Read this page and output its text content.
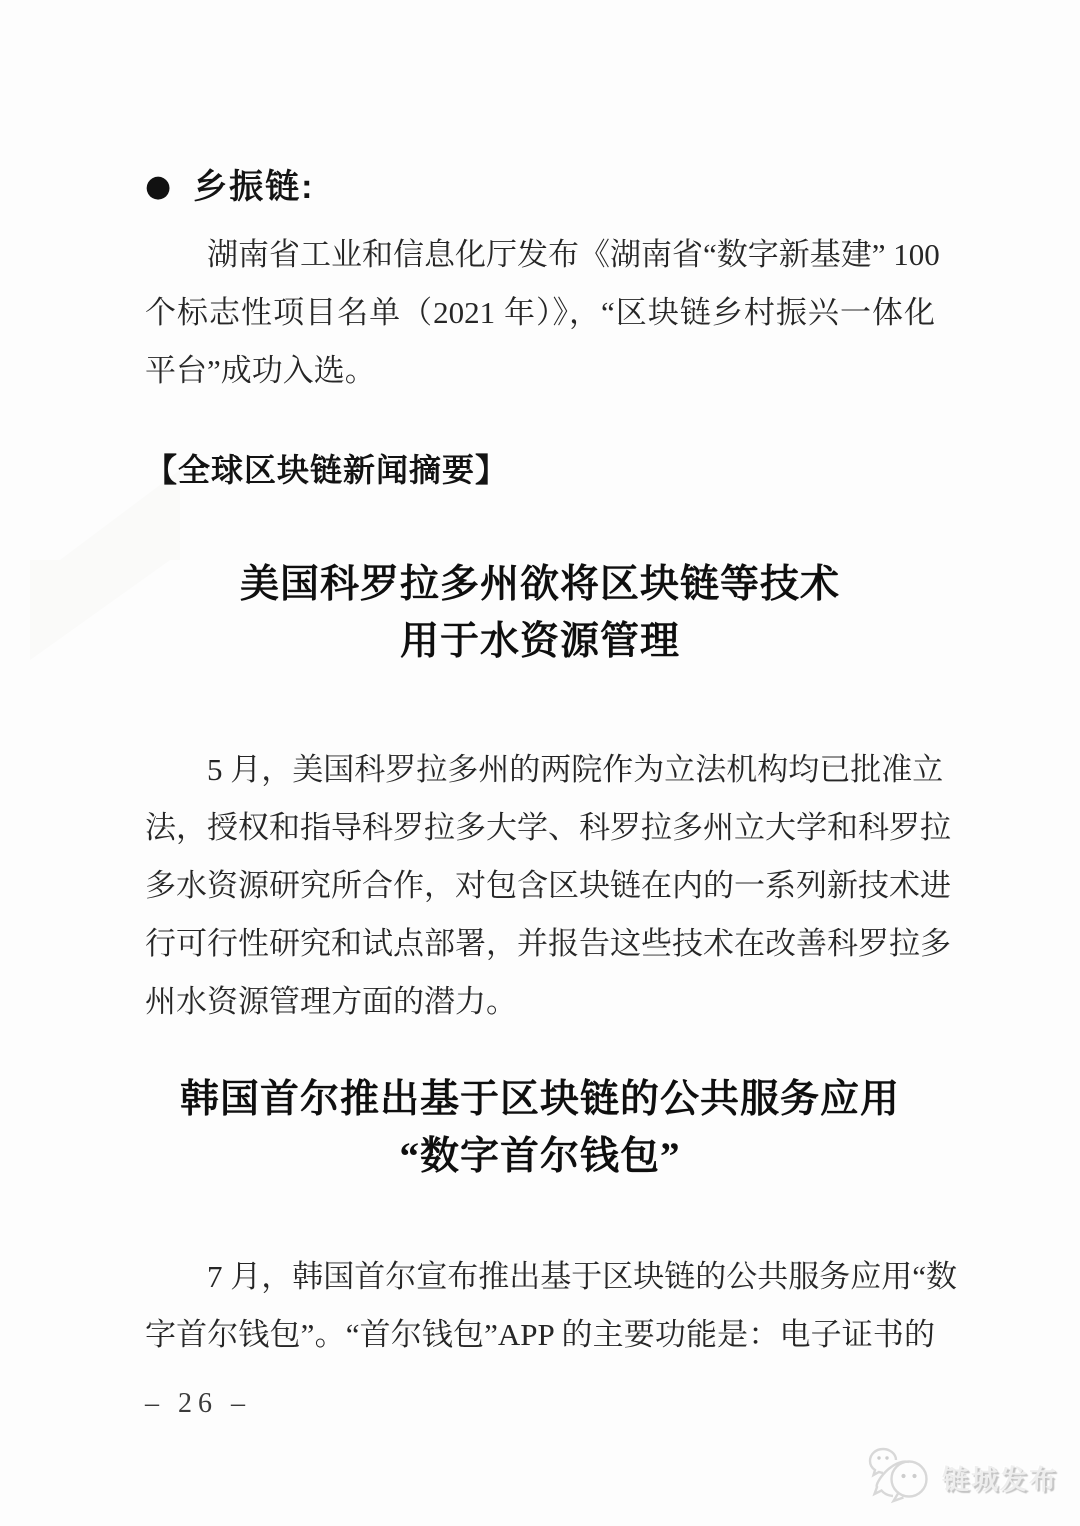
● 乡振链:
湖南省工业和信息化厅发布《湖南省“数字新基建” 100
个标志性项目名单（2021 年）》，“区块链乡村振兴一体化
平台”成功入选。
【全球区块链新闻摘要】
美国科罗拉多州欲将区块链等技术
用于水资源管理
5 月，美国科罗拉多州的两院作为立法机构均已批准立
法，授权和指导科罗拉多大学、科罗拉多州立大学和科罗拉
多水资源研究所合作，对包含区块链在内的一系列新技术进
行可行性研究和试点部署，并报告这些技术在改善科罗拉多
州水资源管理方面的潜力。
韩国首尔推出基于区块链的公共服务应用
“数字首尔钱包”
7 月，韩国首尔宣布推出基于区块链的公共服务应用“数
字首尔钱包”。“首尔钱包”APP 的主要功能是：电子证书的
– 26 –
链城发布
